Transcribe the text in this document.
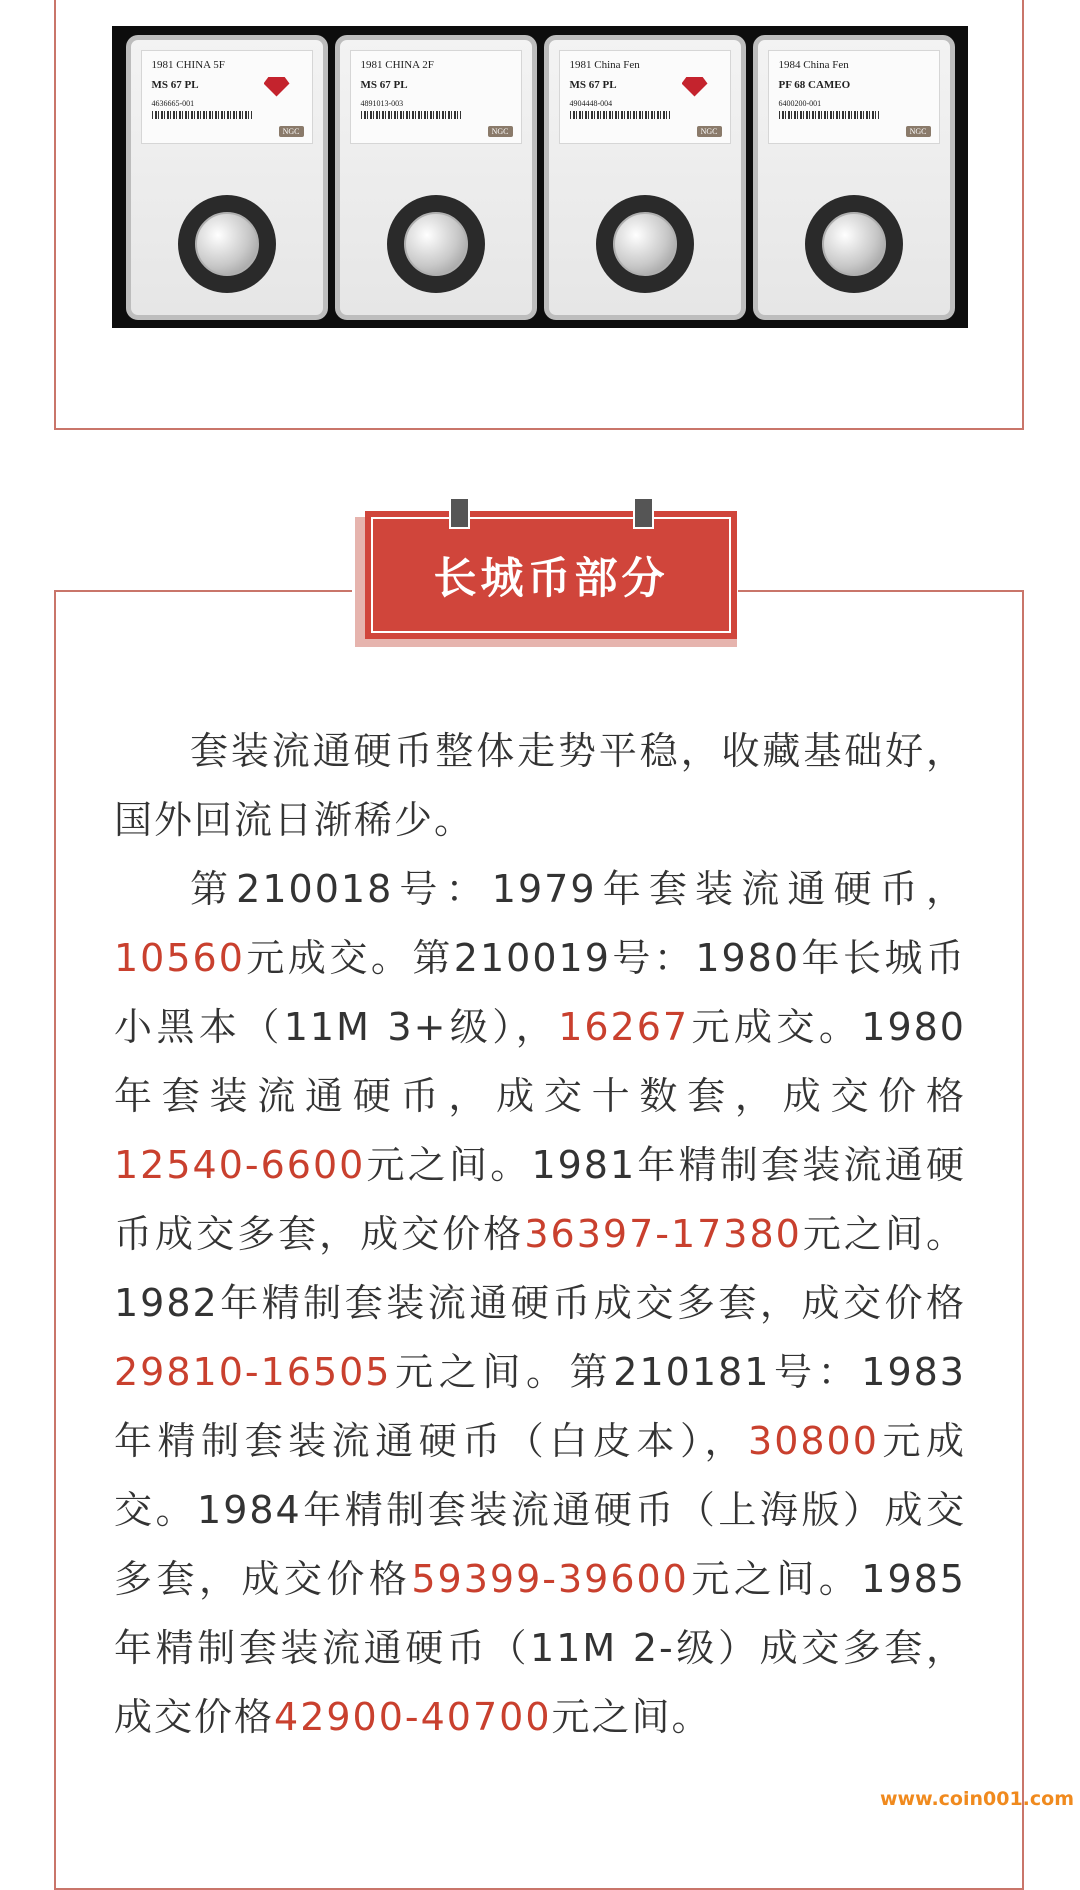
1981 CHINA 5F
MS 67 PL
4636665-001
NGC
1981 CHINA 2F
MS 67 PL
4891013-003
NGC
1981 China Fen
MS 67 PL
4904448-004
NGC
1984 China Fen
PF 68 CAMEO
6400200-001
NGC
长城币部分

套装流通硬币整体走势平稳，收藏基础好，国外回流日渐稀少。

第210018号：1979年套装流通硬币，10560元成交。第210019号：1980年长城币小黑本（11M 3+级），16267元成交。1980年套装流通硬币，成交十数套，成交价格12540-6600元之间。1981年精制套装流通硬币成交多套，成交价格36397-17380元之间。1982年精制套装流通硬币成交多套，成交价格29810-16505元之间。第210181号：1983年精制套装流通硬币（白皮本），30800元成交。1984年精制套装流通硬币（上海版）成交多套，成交价格59399-39600元之间。1985年精制套装流通硬币（11M 2-级）成交多套，成交价格42900-40700元之间。

www.coin001.com
